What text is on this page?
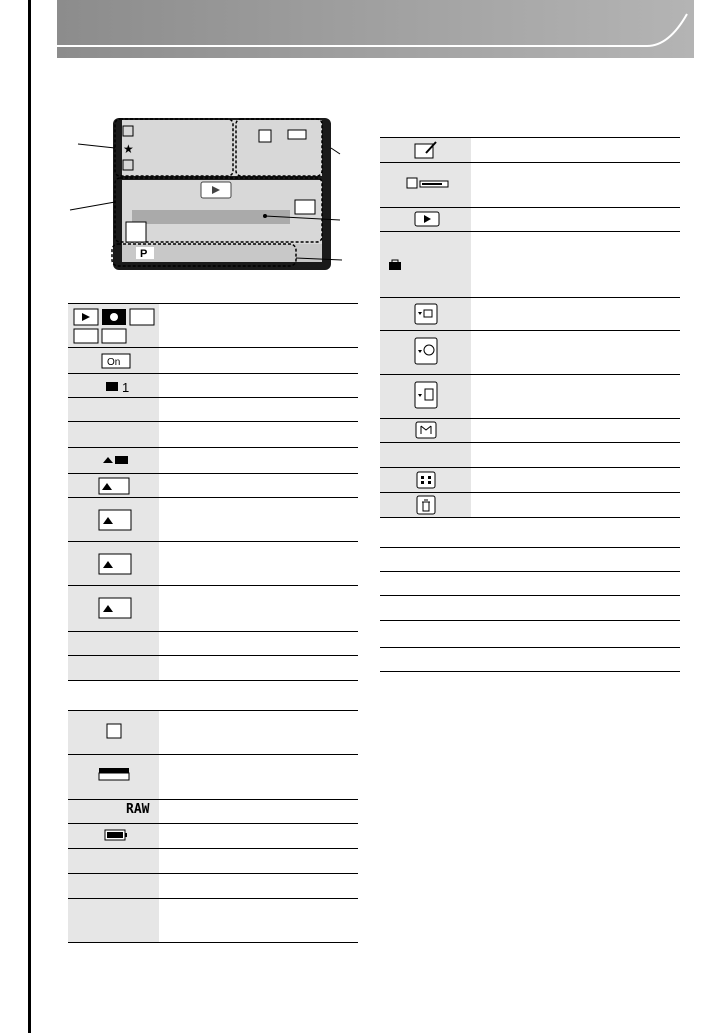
P
★
On
1
RAW
